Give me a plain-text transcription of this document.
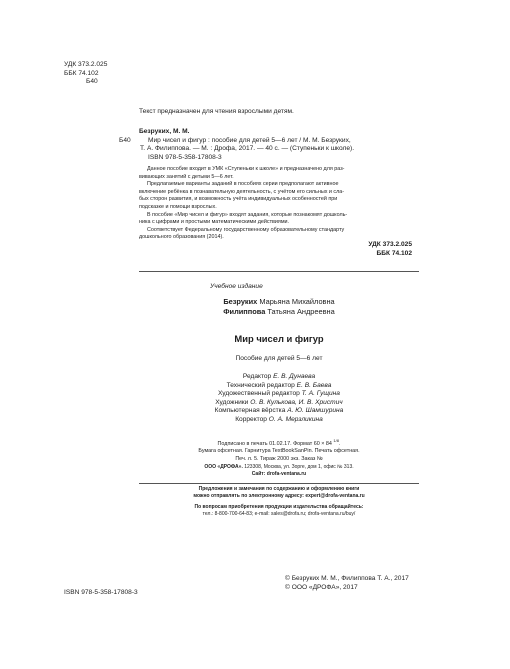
УДК 373.2.025
ББК 74.102
Б40
Текст предназначен для чтения взрослыми детям.
Безруких, М. М.
Б40	Мир чисел и фигур : пособие для детей 5—6 лет / М. М. Безруких,
Т. А. Филиппова. — М. : Дрофа, 2017. — 40 с. — (Ступеньки к школе).
ISBN 978-5-358-17808-3
Данное пособие входит в УМК «Ступеньки к школе» и предназначено для раз-
вивающих занятий с детьми 5—6 лет.
Предлагаемые варианты заданий в пособиях серии предполагают активное
включение ребёнка в познавательную деятельность, с учётом его сильных и сла-
бых сторон развития, и возможность учёта индивидуальных особенностей при
подсказке и помощи взрослых.
В пособие «Мир чисел и фигур» входят задания, которые познакомят дошколь-
ника с цифрами и простыми математическими действиями.
Соответствует Федеральному государственному образовательному стандарту
дошкольного образования (2014).
УДК 373.2.025
ББК 74.102
Учебное издание
Безруких Марьяна Михайловна
Филиппова Татьяна Андреевна
Мир чисел и фигур
Пособие для детей 5—6 лет
Редактор Е. В. Дунаева
Технический редактор Е. В. Баева
Художественный редактор Т. А. Гущина
Художники О. В. Кулькова, И. В. Христич
Компьютерная вёрстка А. Ю. Шамшурина
Корректор О. А. Мерзликина
Подписано в печать 01.02.17. Формат 60 × 84 $^{1/8}$.
Бумага офсетная. Гарнитура TextBookSanPin. Печать офсетная.
Печ. л. 5. Тираж 2000 экз. Заказ №
ООО «ДРОФА». 123308, Москва, ул. Зорге, дом 1, офис № 313.
Сайт: drofa-ventana.ru
Предложения и замечания по содержанию и оформлению книги
можно отправлять по электронному адресу: expert@drofa-ventana.ru
По вопросам приобретения продукции издательства обращайтесь:
тел.: 8-800-700-64-83; e-mail: sales@drofa.ru; drofa-ventana.ru/buy/
ISBN 978-5-358-17808-3
© Безруких М. М., Филиппова Т. А., 2017
© ООО «ДРОФА», 2017
